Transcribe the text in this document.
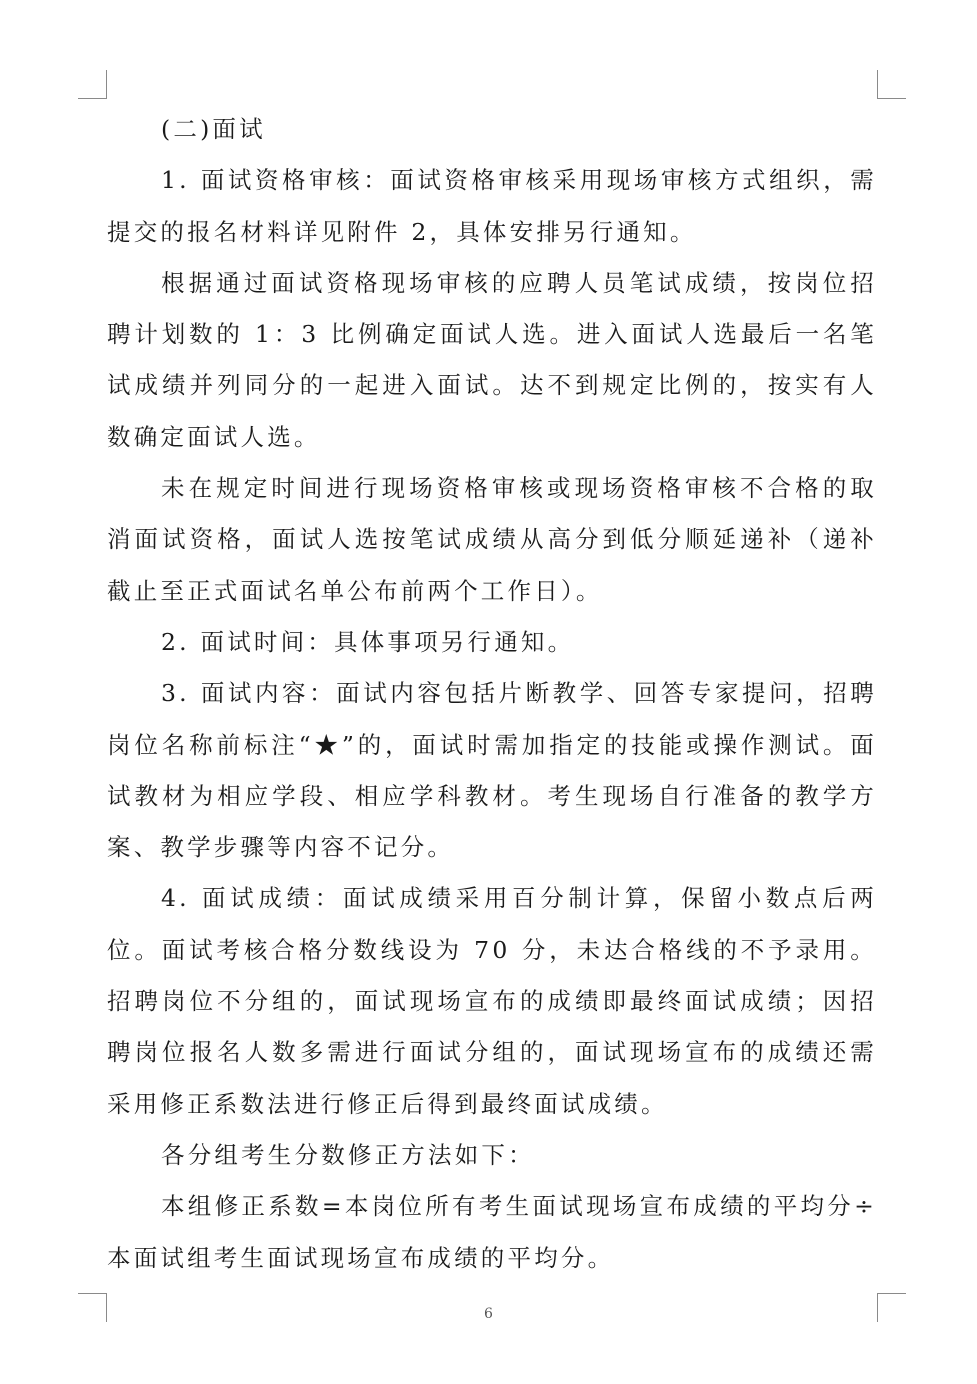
(二)面试

1. 面试资格审核：面试资格审核采用现场审核方式组织，需提交的报名材料详见附件 2，具体安排另行通知。

根据通过面试资格现场审核的应聘人员笔试成绩，按岗位招聘计划数的 1：3 比例确定面试人选。进入面试人选最后一名笔试成绩并列同分的一起进入面试。达不到规定比例的，按实有人数确定面试人选。

未在规定时间进行现场资格审核或现场资格审核不合格的取消面试资格，面试人选按笔试成绩从高分到低分顺延递补（递补截止至正式面试名单公布前两个工作日）。

2. 面试时间：具体事项另行通知。

3. 面试内容：面试内容包括片断教学、回答专家提问，招聘岗位名称前标注“★”的，面试时需加指定的技能或操作测试。面试教材为相应学段、相应学科教材。考生现场自行准备的教学方案、教学步骤等内容不记分。

4. 面试成绩：面试成绩采用百分制计算，保留小数点后两位。面试考核合格分数线设为 70 分，未达合格线的不予录用。招聘岗位不分组的，面试现场宣布的成绩即最终面试成绩；因招聘岗位报名人数多需进行面试分组的，面试现场宣布的成绩还需采用修正系数法进行修正后得到最终面试成绩。

各分组考生分数修正方法如下：

本组修正系数=本岗位所有考生面试现场宣布成绩的平均分÷本面试组考生面试现场宣布成绩的平均分。

6
